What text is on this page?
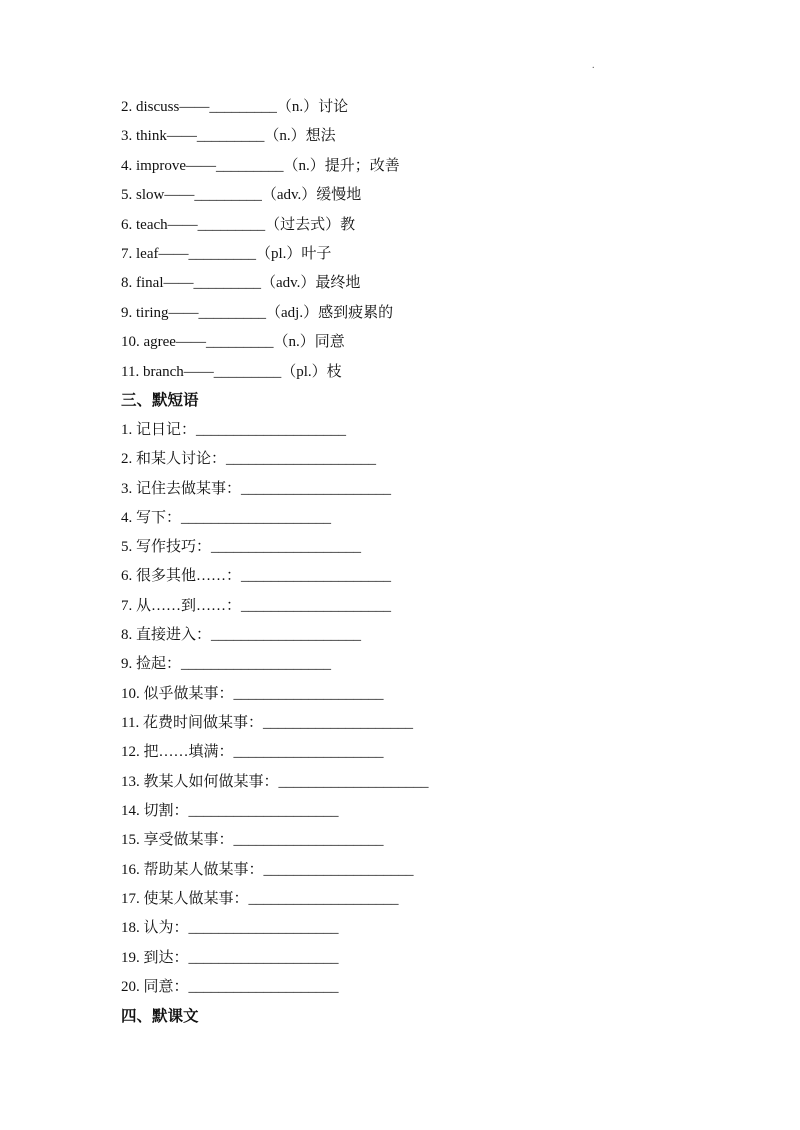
.
2. discuss——_________（n.）讨论
3. think——_________（n.）想法
4. improve——_________（n.）提升；改善
5. slow——_________（adv.）缓慢地
6. teach——_________（过去式）教
7. leaf——_________（pl.）叶子
8. final——_________（adv.）最终地
9. tiring——_________（adj.）感到疲累的
10. agree——_________（n.）同意
11. branch——_________（pl.）枝
三、默短语
1. 记日记：____________________
2. 和某人讨论：____________________
3. 记住去做某事：____________________
4. 写下：____________________
5. 写作技巧：____________________
6. 很多其他……：____________________
7. 从……到……：____________________
8. 直接进入：____________________
9. 捡起：____________________
10. 似乎做某事：____________________
11. 花费时间做某事：____________________
12. 把……填满：____________________
13. 教某人如何做某事：____________________
14. 切割：____________________
15. 享受做某事：____________________
16. 帮助某人做某事：____________________
17. 使某人做某事：____________________
18. 认为：____________________
19. 到达：____________________
20. 同意：____________________
四、默课文
